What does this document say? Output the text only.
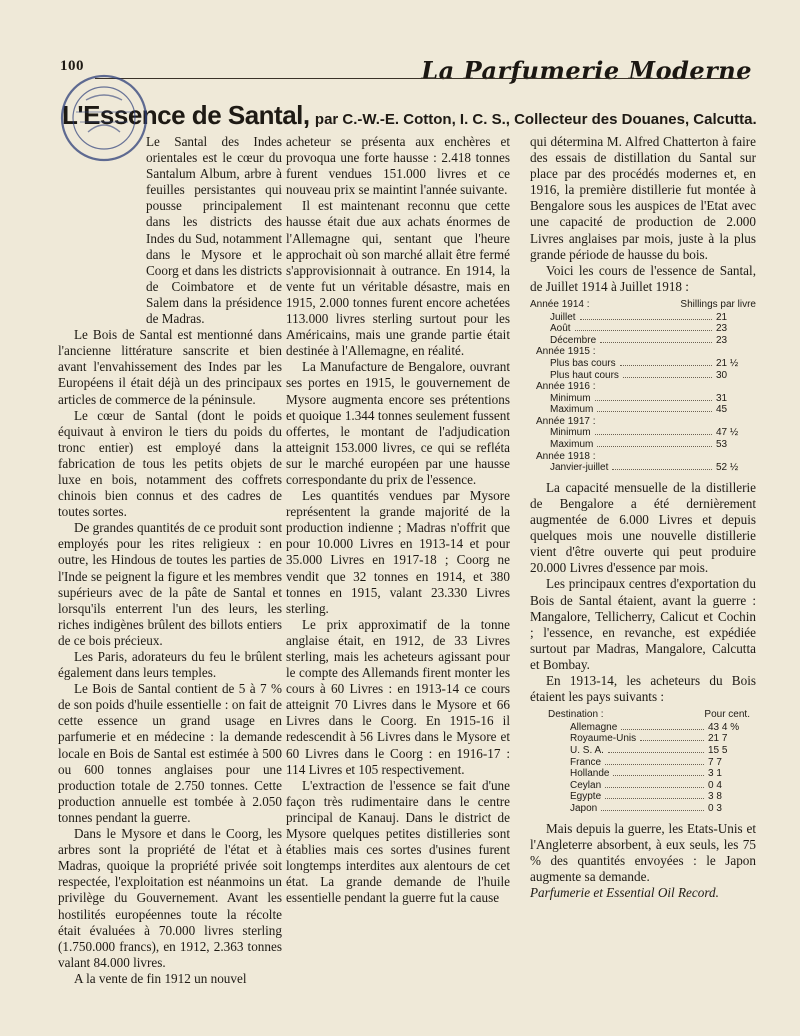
100	La Parfumerie Moderne
L'Essence de Santal, par C.-W.-E. Cotton, I. C. S., Collecteur des Douanes, Calcutta.

Le Santal des Indes orientales est le cœur du Santalum Album, arbre à feuilles persistantes qui pousse principalement dans les districts des Indes du Sud, notamment dans le Mysore et le Coorg et dans les districts de Coimbatore et de Salem dans la présidence de Madras.

Le Bois de Santal est mentionné dans l'ancienne littérature sanscrite et bien avant l'envahissement des Indes par les Européens il était déjà un des principaux articles de commerce de la péninsule.

Le cœur de Santal (dont le poids équivaut à environ le tiers du poids du tronc entier) est employé dans la fabrication de tous les petits objets de luxe en bois, notamment des coffrets chinois bien connus et des cadres de toutes sortes.

De grandes quantités de ce produit sont employés pour les rites religieux : en outre, les Hindous de toutes les parties de l'Inde se peignent la figure et les membres supérieurs avec de la pâte de Santal et lorsqu'ils enterrent l'un des leurs, les riches indigènes brûlent des billots entiers de ce bois précieux.

Les Paris, adorateurs du feu le brûlent également dans leurs temples.

Le Bois de Santal contient de 5 à 7 % de son poids d'huile essentielle : on fait de cette essence un grand usage en parfumerie et en médecine : la demande locale en Bois de Santal est estimée à 500 ou 600 tonnes anglaises pour une production totale de 2.750 tonnes. Cette production annuelle est tombée à 2.050 tonnes pendant la guerre.

Dans le Mysore et dans le Coorg, les arbres sont la propriété de l'état et à Madras, quoique la propriété privée soit respectée, l'exploitation est néanmoins un privilège du Gouvernement. Avant les hostilités européennes toute la récolte était évaluées à 70.000 livres sterling (1.750.000 francs), en 1912, 2.363 tonnes valant 84.000 livres.

A la vente de fin 1912 un nouvel

acheteur se présenta aux enchères et provoqua une forte hausse : 2.418 tonnes furent vendues 151.000 livres et ce nouveau prix se maintint l'année suivante.

Il est maintenant reconnu que cette hausse était due aux achats énormes de l'Allemagne qui, sentant que l'heure approchait où son marché allait être fermé s'approvisionnait à outrance. En 1914, la vente fut un véritable désastre, mais en 1915, 2.000 tonnes furent encore achetées 113.000 livres sterling surtout pour les Américains, mais une grande partie était destinée à l'Allemagne, en réalité.

La Manufacture de Bengalore, ouvrant ses portes en 1915, le gouvernement de Mysore augmenta encore ses prétentions et quoique 1.344 tonnes seulement fussent offertes, le montant de l'adjudication atteignit 153.000 livres, ce qui se refléta sur le marché européen par une hausse correspondante du prix de l'essence.

Les quantités vendues par Mysore représentent la grande majorité de la production indienne ; Madras n'offrit que pour 10.000 Livres en 1913-14 et pour 35.000 Livres en 1917-18 ; Coorg ne vendit que 32 tonnes en 1914, et 380 tonnes en 1915, valant 23.330 Livres sterling.

Le prix approximatif de la tonne anglaise était, en 1912, de 33 Livres sterling, mais les acheteurs agissant pour le compte des Allemands firent monter les cours à 60 Livres : en 1913-14 ce cours atteignit 70 Livres dans le Mysore et 66 Livres dans le Coorg. En 1915-16 il redescendit à 56 Livres dans le Mysore et 60 Livres dans le Coorg : en 1916-17 : 114 Livres et 105 respectivement.

L'extraction de l'essence se fait d'une façon très rudimentaire dans le centre principal de Kanauj. Dans le district de Mysore quelques petites distilleries sont établies mais ces sortes d'usines furent longtemps interdites aux alentours de cet état. La grande demande de l'huile essentielle pendant la guerre fut la cause

qui détermina M. Alfred Chatterton à faire des essais de distillation du Santal sur place par des procédés modernes et, en 1916, la première distillerie fut montée à Bengalore sous les auspices de l'Etat avec une capacité de production de 2.000 Livres anglaises par mois, juste à la plus grande période de hausse du bois.

Voici les cours de l'essence de Santal, de Juillet 1914 à Juillet 1918 :

Année 1914 :	Shillings par livre
Juillet	21
Août	23
Décembre	23
Année 1915 :
Plus bas cours	21 ½
Plus haut cours	30
Année 1916 :
Minimum	31
Maximum	45
Année 1917 :
Minimum	47 ½
Maximum	53
Année 1918 :
Janvier-juillet	52 ½

La capacité mensuelle de la distillerie de Bengalore a été dernièrement augmentée de 6.000 Livres et depuis quelques mois une nouvelle distillerie vient d'être ouverte qui peut produire 20.000 Livres d'essence par mois.

Les principaux centres d'exportation du Bois de Santal étaient, avant la guerre : Mangalore, Tellicherry, Calicut et Cochin ; l'essence, en revanche, est expédiée surtout par Madras, Mangalore, Calcutta et Bombay.

En 1913-14, les acheteurs du Bois étaient les pays suivants :

Destination :	Pour cent.
Allemagne	43 4 %
Royaume-Unis	21 7
U. S. A.	15 5
France	7 7
Hollande	3 1
Ceylan	0 4
Egypte	3 8
Japon	0 3

Mais depuis la guerre, les Etats-Unis et l'Angleterre absorbent, à eux seuls, les 75 % des quantités envoyées : le Japon augmente sa demande.

Parfumerie et Essential Oil Record.
